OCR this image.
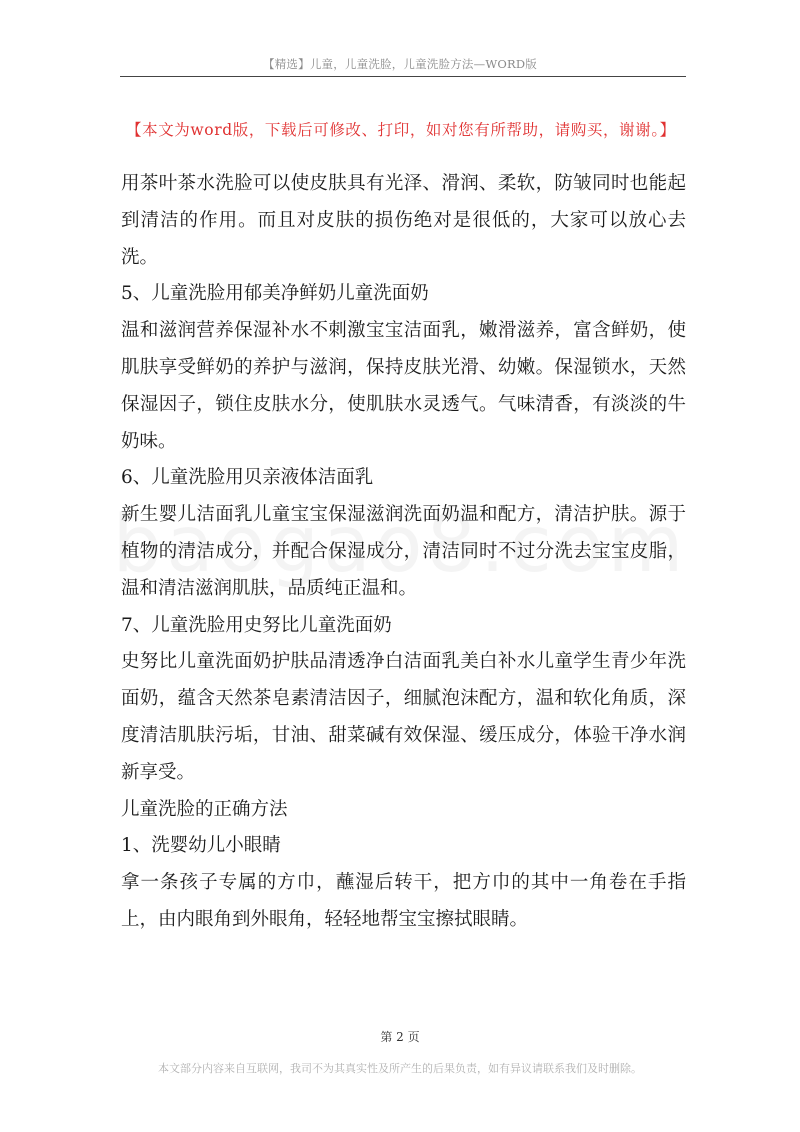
【精选】儿童，儿童洗脸，儿童洗脸方法—WORD版
【本文为word版，下载后可修改、打印，如对您有所帮助，请购买，谢谢。】

用茶叶茶水洗脸可以使皮肤具有光泽、滑润、柔软，防皱同时也能起到清洁的作用。而且对皮肤的损伤绝对是很低的，大家可以放心去洗。

5、儿童洗脸用郁美净鲜奶儿童洗面奶

温和滋润营养保湿补水不刺激宝宝洁面乳，嫩滑滋养，富含鲜奶，使肌肤享受鲜奶的养护与滋润，保持皮肤光滑、幼嫩。保湿锁水，天然保湿因子，锁住皮肤水分，使肌肤水灵透气。气味清香，有淡淡的牛奶味。

6、儿童洗脸用贝亲液体洁面乳

新生婴儿洁面乳儿童宝宝保湿滋润洗面奶温和配方，清洁护肤。源于植物的清洁成分，并配合保湿成分，清洁同时不过分洗去宝宝皮脂，温和清洁滋润肌肤，品质纯正温和。

7、儿童洗脸用史努比儿童洗面奶

史努比儿童洗面奶护肤品清透净白洁面乳美白补水儿童学生青少年洗面奶，蕴含天然茶皂素清洁因子，细腻泡沫配方，温和软化角质，深度清洁肌肤污垢，甘油、甜菜碱有效保湿、缓压成分，体验干净水润新享受。

儿童洗脸的正确方法

1、洗婴幼儿小眼睛

拿一条孩子专属的方巾，蘸湿后转干，把方巾的其中一角卷在手指上，由内眼角到外眼角，轻轻地帮宝宝擦拭眼睛。

第 2 页
本文部分内容来自互联网，我司不为其真实性及所产生的后果负责，如有异议请联系我们及时删除。
